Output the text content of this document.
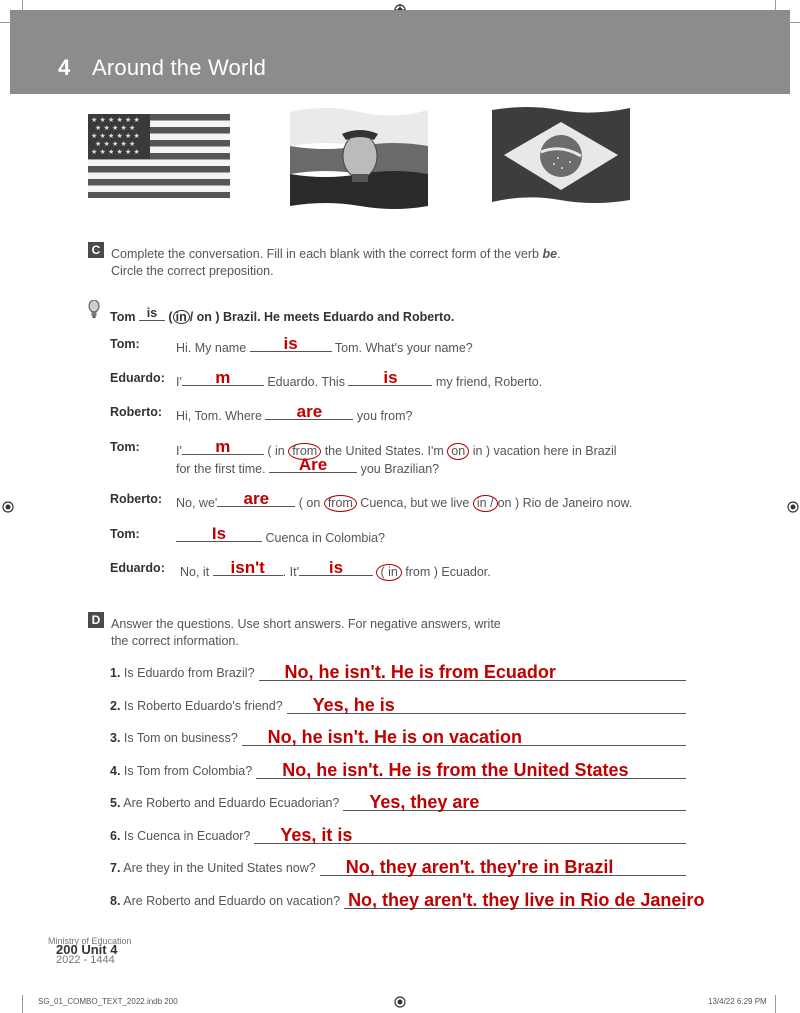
4 Around the World
★ ★ ★ ★ ★ ★
★ ★ ★ ★ ★
★ ★ ★ ★ ★ ★
★ ★ ★ ★ ★
★ ★ ★ ★ ★ ★
C Complete the conversation. Fill in each blank with the correct form of the verb be.
Circle the correct preposition.
Tom is ( in / on ) Brazil. He meets Eduardo and Roberto.
Tom:	Hi. My name	is	Tom. What's your name?
Eduardo: I'	m	Eduardo. This	is	my friend, Roberto.
Roberto: Hi, Tom. Where	are	you from?
Tom:	I'	m	( in from the United States. I'm on in ) vacation here in Brazil
for the first time.	Are	you Brazilian?
Roberto: No, we'	are	( on from Cuenca, but we live in / on ) Rio de Janeiro now.
Tom:	Is	Cuenca in Colombia?
Eduardo: No, it	isn't	. It'	is	( in from ) Ecuador.
D Answer the questions. Use short answers. For negative answers, write
the correct information.
1. Is Eduardo from Brazil? No, he isn't. He is from Ecuador
2. Is Roberto Eduardo's friend? Yes, he is
3. Is Tom on business? No, he isn't. He is on vacation
4. Is Tom from Colombia? No, he isn't. He is from the United States
5. Are Roberto and Eduardo Ecuadorian? Yes, they are
6. Is Cuenca in Ecuador? Yes, it is
7. Are they in the United States now? No, they aren't. they're in Brazil
8. Are Roberto and Eduardo on vacation? No, they aren't. they live in Rio de Janeiro
Ministry of Education

200 Unit 4
2022 - 1444
SG_01_COMBO_TEXT_2022.indb 200	13/4/22 6:29 PM
